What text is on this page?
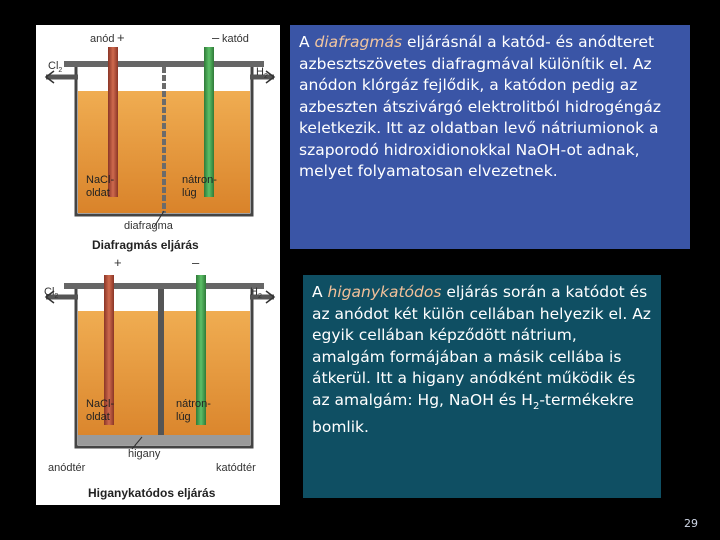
anód +	– katód
$Cl_2$	$H_2$
NaCl-oldat
nátron-lúg
diafragma
Diafragmás eljárás
+	–
$Cl_2$	$H_2$
NaCl-oldat
nátron-lúg
higany
anódtér	katódtér
Higanykatódos eljárás
A diafragmás eljárásnál a katód- és anódteret azbesztszövetes diafragmával különítik el. Az anódon klórgáz fejlődik, a katódon pedig az azbeszten átszivárgó elektrolitból hidrogéngáz keletkezik. Itt az oldatban levő nátriumionok a szaporodó hidroxidionokkal NaOH-ot adnak, melyet folyamatosan elvezetnek.
A higanykatódos eljárás során a katódot és az anódot két külön cellában helyezik el. Az egyik cellában képződött nátrium, amalgám formájában a másik cellába is átkerül. Itt a higany anódként működik és az amalgám: Hg, NaOH és $H_2$-termékekre bomlik.
29
